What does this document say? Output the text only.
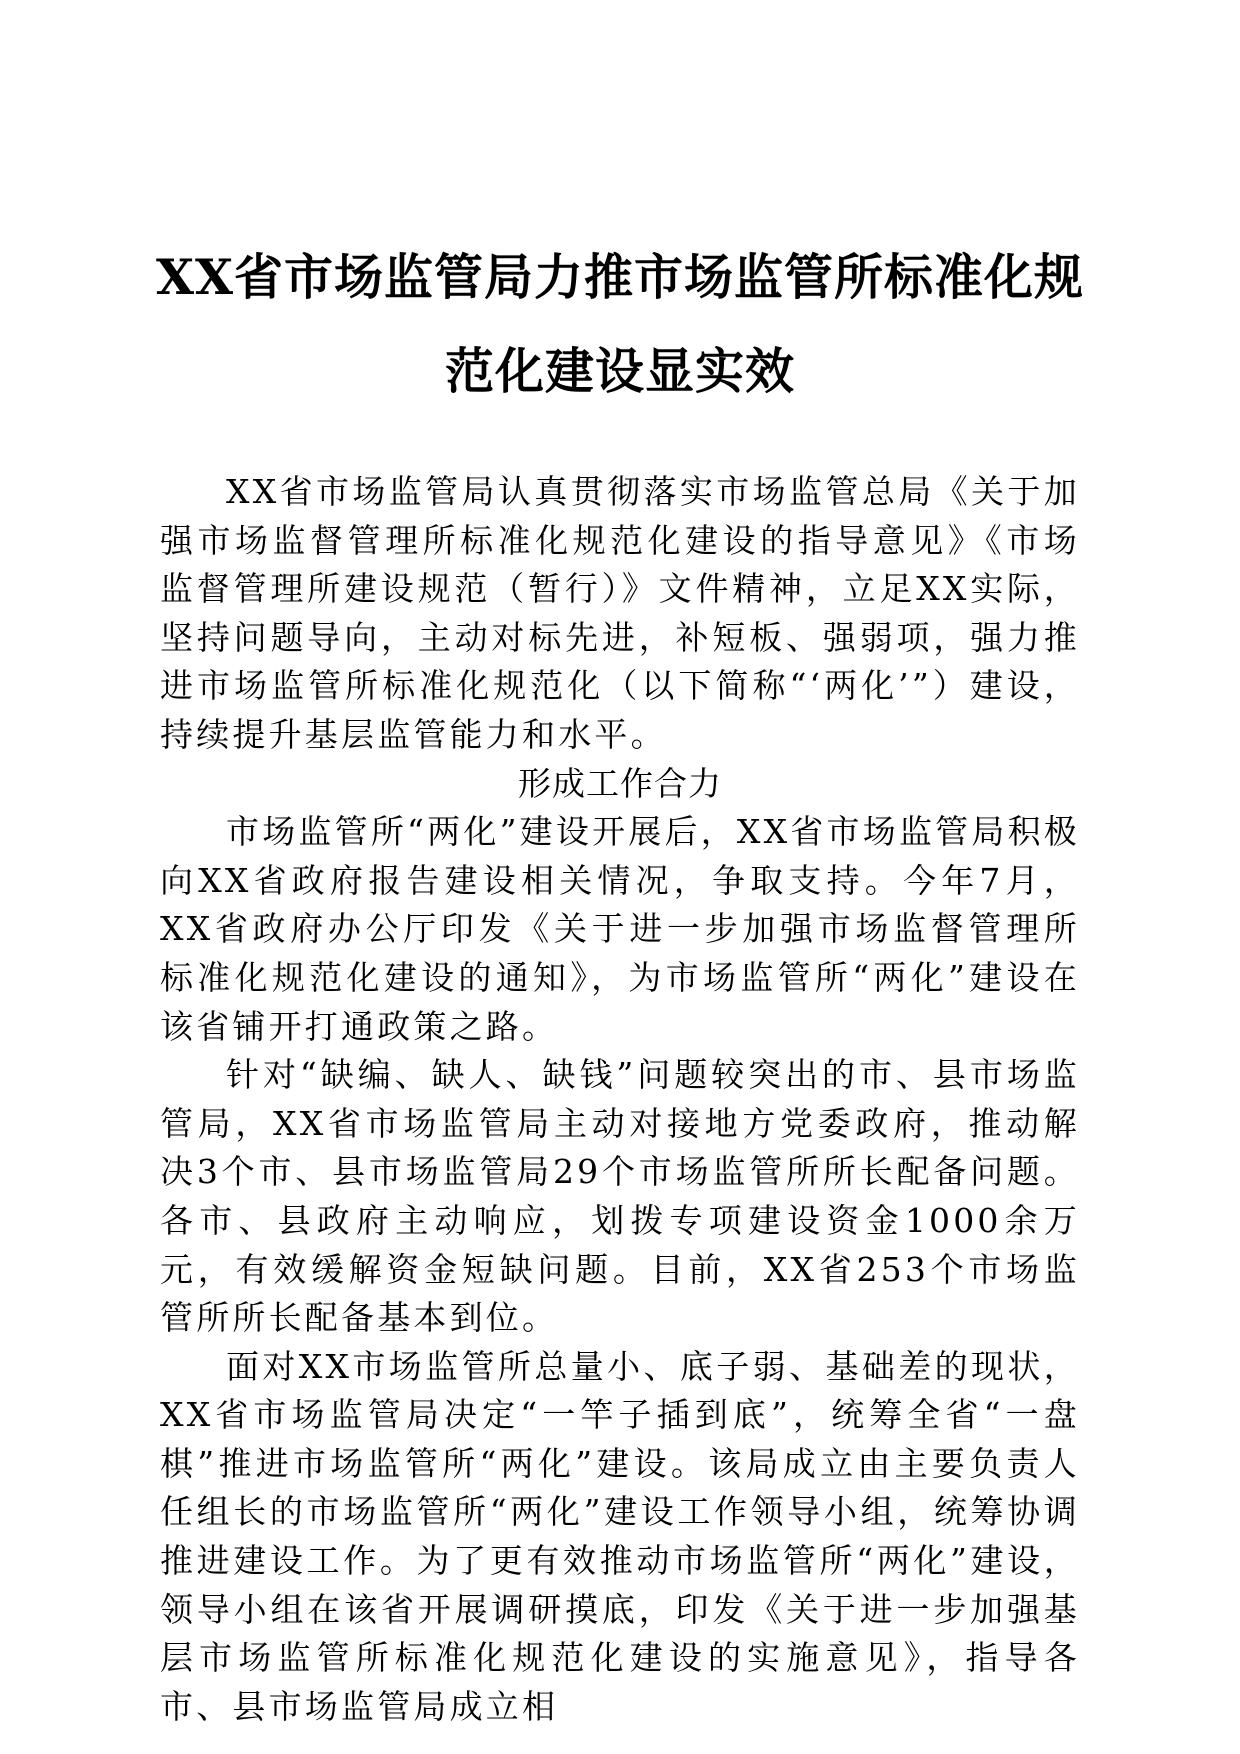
XX省市场监管局力推市场监管所标准化规范化建设显实效

XX省市场监管局认真贯彻落实市场监管总局《关于加强市场监督管理所标准化规范化建设的指导意见》《市场监督管理所建设规范（暂行）》文件精神，立足XX实际，坚持问题导向，主动对标先进，补短板、强弱项，强力推进市场监管所标准化规范化（以下简称“‘两化’”）建设，持续提升基层监管能力和水平。

形成工作合力

市场监管所“两化”建设开展后，XX省市场监管局积极向XX省政府报告建设相关情况，争取支持。今年7月，XX省政府办公厅印发《关于进一步加强市场监督管理所标准化规范化建设的通知》，为市场监管所“两化”建设在该省铺开打通政策之路。

针对“缺编、缺人、缺钱”问题较突出的市、县市场监管局，XX省市场监管局主动对接地方党委政府，推动解决3个市、县市场监管局29个市场监管所所长配备问题。各市、县政府主动响应，划拨专项建设资金1000余万元，有效缓解资金短缺问题。目前，XX省253个市场监管所所长配备基本到位。

面对XX市场监管所总量小、底子弱、基础差的现状，XX省市场监管局决定“一竿子插到底”，统筹全省“一盘棋”推进市场监管所“两化”建设。该局成立由主要负责人任组长的市场监管所“两化”建设工作领导小组，统筹协调推进建设工作。为了更有效推动市场监管所“两化”建设，领导小组在该省开展调研摸底，印发《关于进一步加强基层市场监管所标准化规范化建设的实施意见》，指导各市、县市场监管局成立相
